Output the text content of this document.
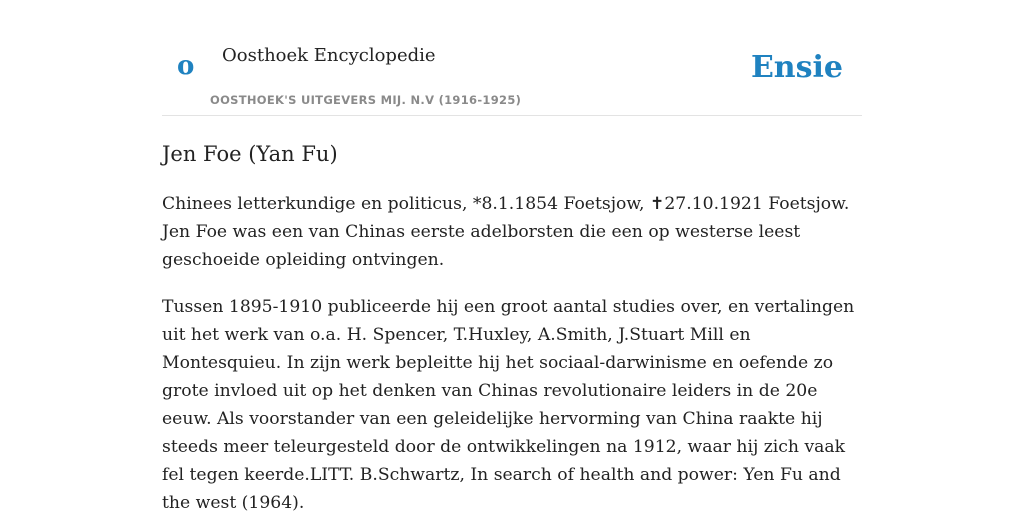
o Oosthoek Encyclopedie
OOSTHOEK'S UITGEVERS MIJ. N.V (1916-1925)
Ensie
Jen Foe (Yan Fu)

Chinees letterkundige en politicus, *8.1.1854 Foetsjow, ✝27.10.1921 Foetsjow. Jen Foe was een van Chinas eerste adelborsten die een op westerse leest geschoeide opleiding ontvingen.

Tussen 1895-1910 publiceerde hij een groot aantal studies over, en vertalingen uit het werk van o.a. H. Spencer, T.Huxley, A.Smith, J.Stuart Mill en Montesquieu. In zijn werk bepleitte hij het sociaal-darwinisme en oefende zo grote invloed uit op het denken van Chinas revolutionaire leiders in de 20e eeuw. Als voorstander van een geleidelijke hervorming van China raakte hij steeds meer teleurgesteld door de ontwikkelingen na 1912, waar hij zich vaak fel tegen keerde.LITT. B.Schwartz, In search of health and power: Yen Fu and the west (1964).
